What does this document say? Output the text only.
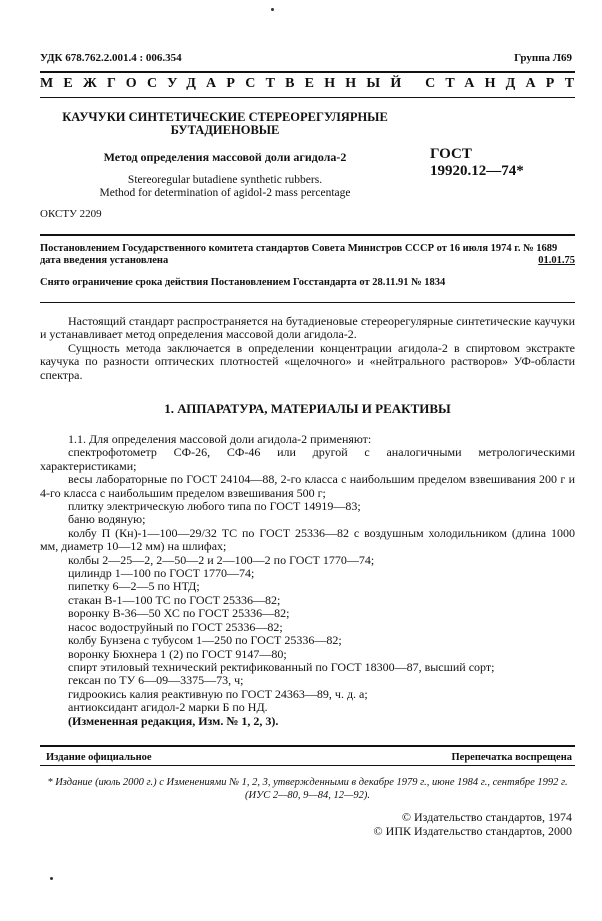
УДК 678.762.2.001.4 : 006.354	Группа Л69
МЕЖГОСУДАРСТВЕННЫЙ СТАНДАРТ
КАУЧУКИ СИНТЕТИЧЕСКИЕ СТЕРЕОРЕГУЛЯРНЫЕ
БУТАДИЕНОВЫЕ
Метод определения массовой доли агидола-2	ГОСТ
19920.12—74*
Stereoregular butadiene synthetic rubbers.
Method for determination of agidol-2 mass percentage
ОКСТУ 2209
Постановлением Государственного комитета стандартов Совета Министров СССР от 16 июля 1974 г. № 1689
дата введения установлена	01.01.75
Снято ограничение срока действия Постановлением Госстандарта от 28.11.91 № 1834

Настоящий стандарт распространяется на бутадиеновые стереорегулярные синтетические каучуки и устанавливает метод определения массовой доли агидола-2.

Сущность метода заключается в определении концентрации агидола-2 в спиртовом экстракте каучука по разности оптических плотностей «щелочного» и «нейтрального растворов» УФ-области спектра.

1. АППАРАТУРА, МАТЕРИАЛЫ И РЕАКТИВЫ

1.1. Для определения массовой доли агидола-2 применяют:

спектрофотометр СФ-26, СФ-46 или другой с аналогичными метрологическими характеристиками;

весы лабораторные по ГОСТ 24104—88, 2-го класса с наибольшим пределом взвешивания 200 г и 4-го класса с наибольшим пределом взвешивания 500 г;

плитку электрическую любого типа по ГОСТ 14919—83;

баню водяную;

колбу П (Кн)-1—100—29/32 ТС по ГОСТ 25336—82 с воздушным холодильником (длина 1000 мм, диаметр 10—12 мм) на шлифах;

колбы 2—25—2, 2—50—2 и 2—100—2 по ГОСТ 1770—74;

цилиндр 1—100 по ГОСТ 1770—74;

пипетку 6—2—5 по НТД;

стакан В-1—100 ТС по ГОСТ 25336—82;

воронку В-36—50 ХС по ГОСТ 25336—82;

насос водоструйный по ГОСТ 25336—82;

колбу Бунзена с тубусом 1—250 по ГОСТ 25336—82;

воронку Бюхнера 1 (2) по ГОСТ 9147—80;

спирт этиловый технический ректификованный по ГОСТ 18300—87, высший сорт;

гексан по ТУ 6—09—3375—73, ч;

гидроокись калия реактивную по ГОСТ 24363—89, ч. д. а;

антиоксидант агидол-2 марки Б по НД.

(Измененная редакция, Изм. № 1, 2, 3).

Издание официальное	Перепечатка воспрещена
* Издание (июль 2000 г.) с Изменениями № 1, 2, 3, утвержденными в декабре 1979 г., июне 1984 г., сентябре 1992 г. (ИУС 2—80, 9—84, 12—92).
© Издательство стандартов, 1974
© ИПК Издательство стандартов, 2000
